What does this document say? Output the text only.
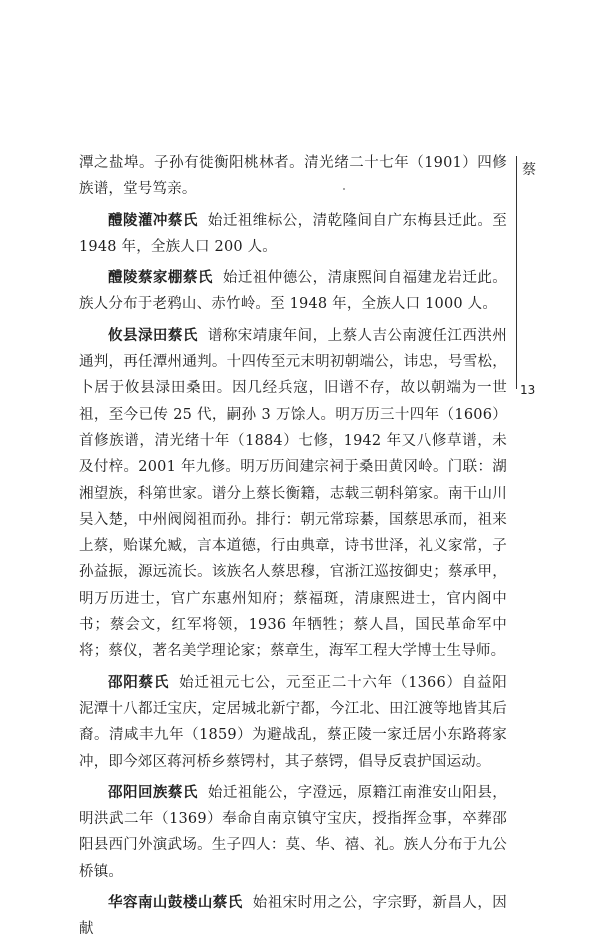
潭之盐埠。子孙有徙衡阳桃林者。清光绪二十七年（1901）四修族谱，堂号笃亲。

醴陵灌冲蔡氏 始迁祖维标公，清乾隆间自广东梅县迁此。至1948 年，全族人口 200 人。

醴陵蔡家棚蔡氏 始迁祖仲德公，清康熙间自福建龙岩迁此。族人分布于老鸦山、赤竹岭。至 1948 年，全族人口 1000 人。

攸县渌田蔡氏 谱称宋靖康年间，上蔡人吉公南渡任江西洪州通判，再任潭州通判。十四传至元末明初朝端公，讳忠，号雪松，卜居于攸县渌田桑田。因几经兵寇，旧谱不存，故以朝端为一世祖，至今已传 25 代，嗣孙 3 万馀人。明万历三十四年（1606）首修族谱，清光绪十年（1884）七修，1942 年又八修草谱，未及付梓。2001 年九修。明万历间建宗祠于桑田黄冈岭。门联：湖湘望族，科第世家。谱分上蔡长衡籍，志载三朝科第家。南干山川吴入楚，中州阀阅祖而孙。排行：朝元常琮綦，国蔡思承而，祖来上蔡，贻谋允臧，言本道德，行由典章，诗书世泽，礼义家常，子孙益振，源远流长。该族名人蔡思穆，官浙江巡按御史；蔡承甲，明万历进士，官广东惠州知府；蔡福斑，清康熙进士，官内阁中书；蔡会文，红军将领，1936 年牺牲；蔡人昌，国民革命军中将；蔡仪，著名美学理论家；蔡章生，海军工程大学博士生导师。

邵阳蔡氏 始迁祖元七公，元至正二十六年（1366）自益阳泥潭十八都迁宝庆，定居城北新宁都，今江北、田江渡等地皆其后裔。清咸丰九年（1859）为避战乱，蔡正陵一家迁居小东路蒋家冲，即今郊区蒋河桥乡蔡锷村，其子蔡锷，倡导反袁护国运动。

邵阳回族蔡氏 始迁祖能公，字澄远，原籍江南淮安山阳县，明洪武二年（1369）奉命自南京镇守宝庆，授指挥佥事，卒葬邵阳县西门外演武场。生子四人：莫、华、禧、礼。族人分布于九公桥镇。

华容南山鼓楼山蔡氏 始祖宋时用之公，字宗野，新昌人，因献

蔡
13
